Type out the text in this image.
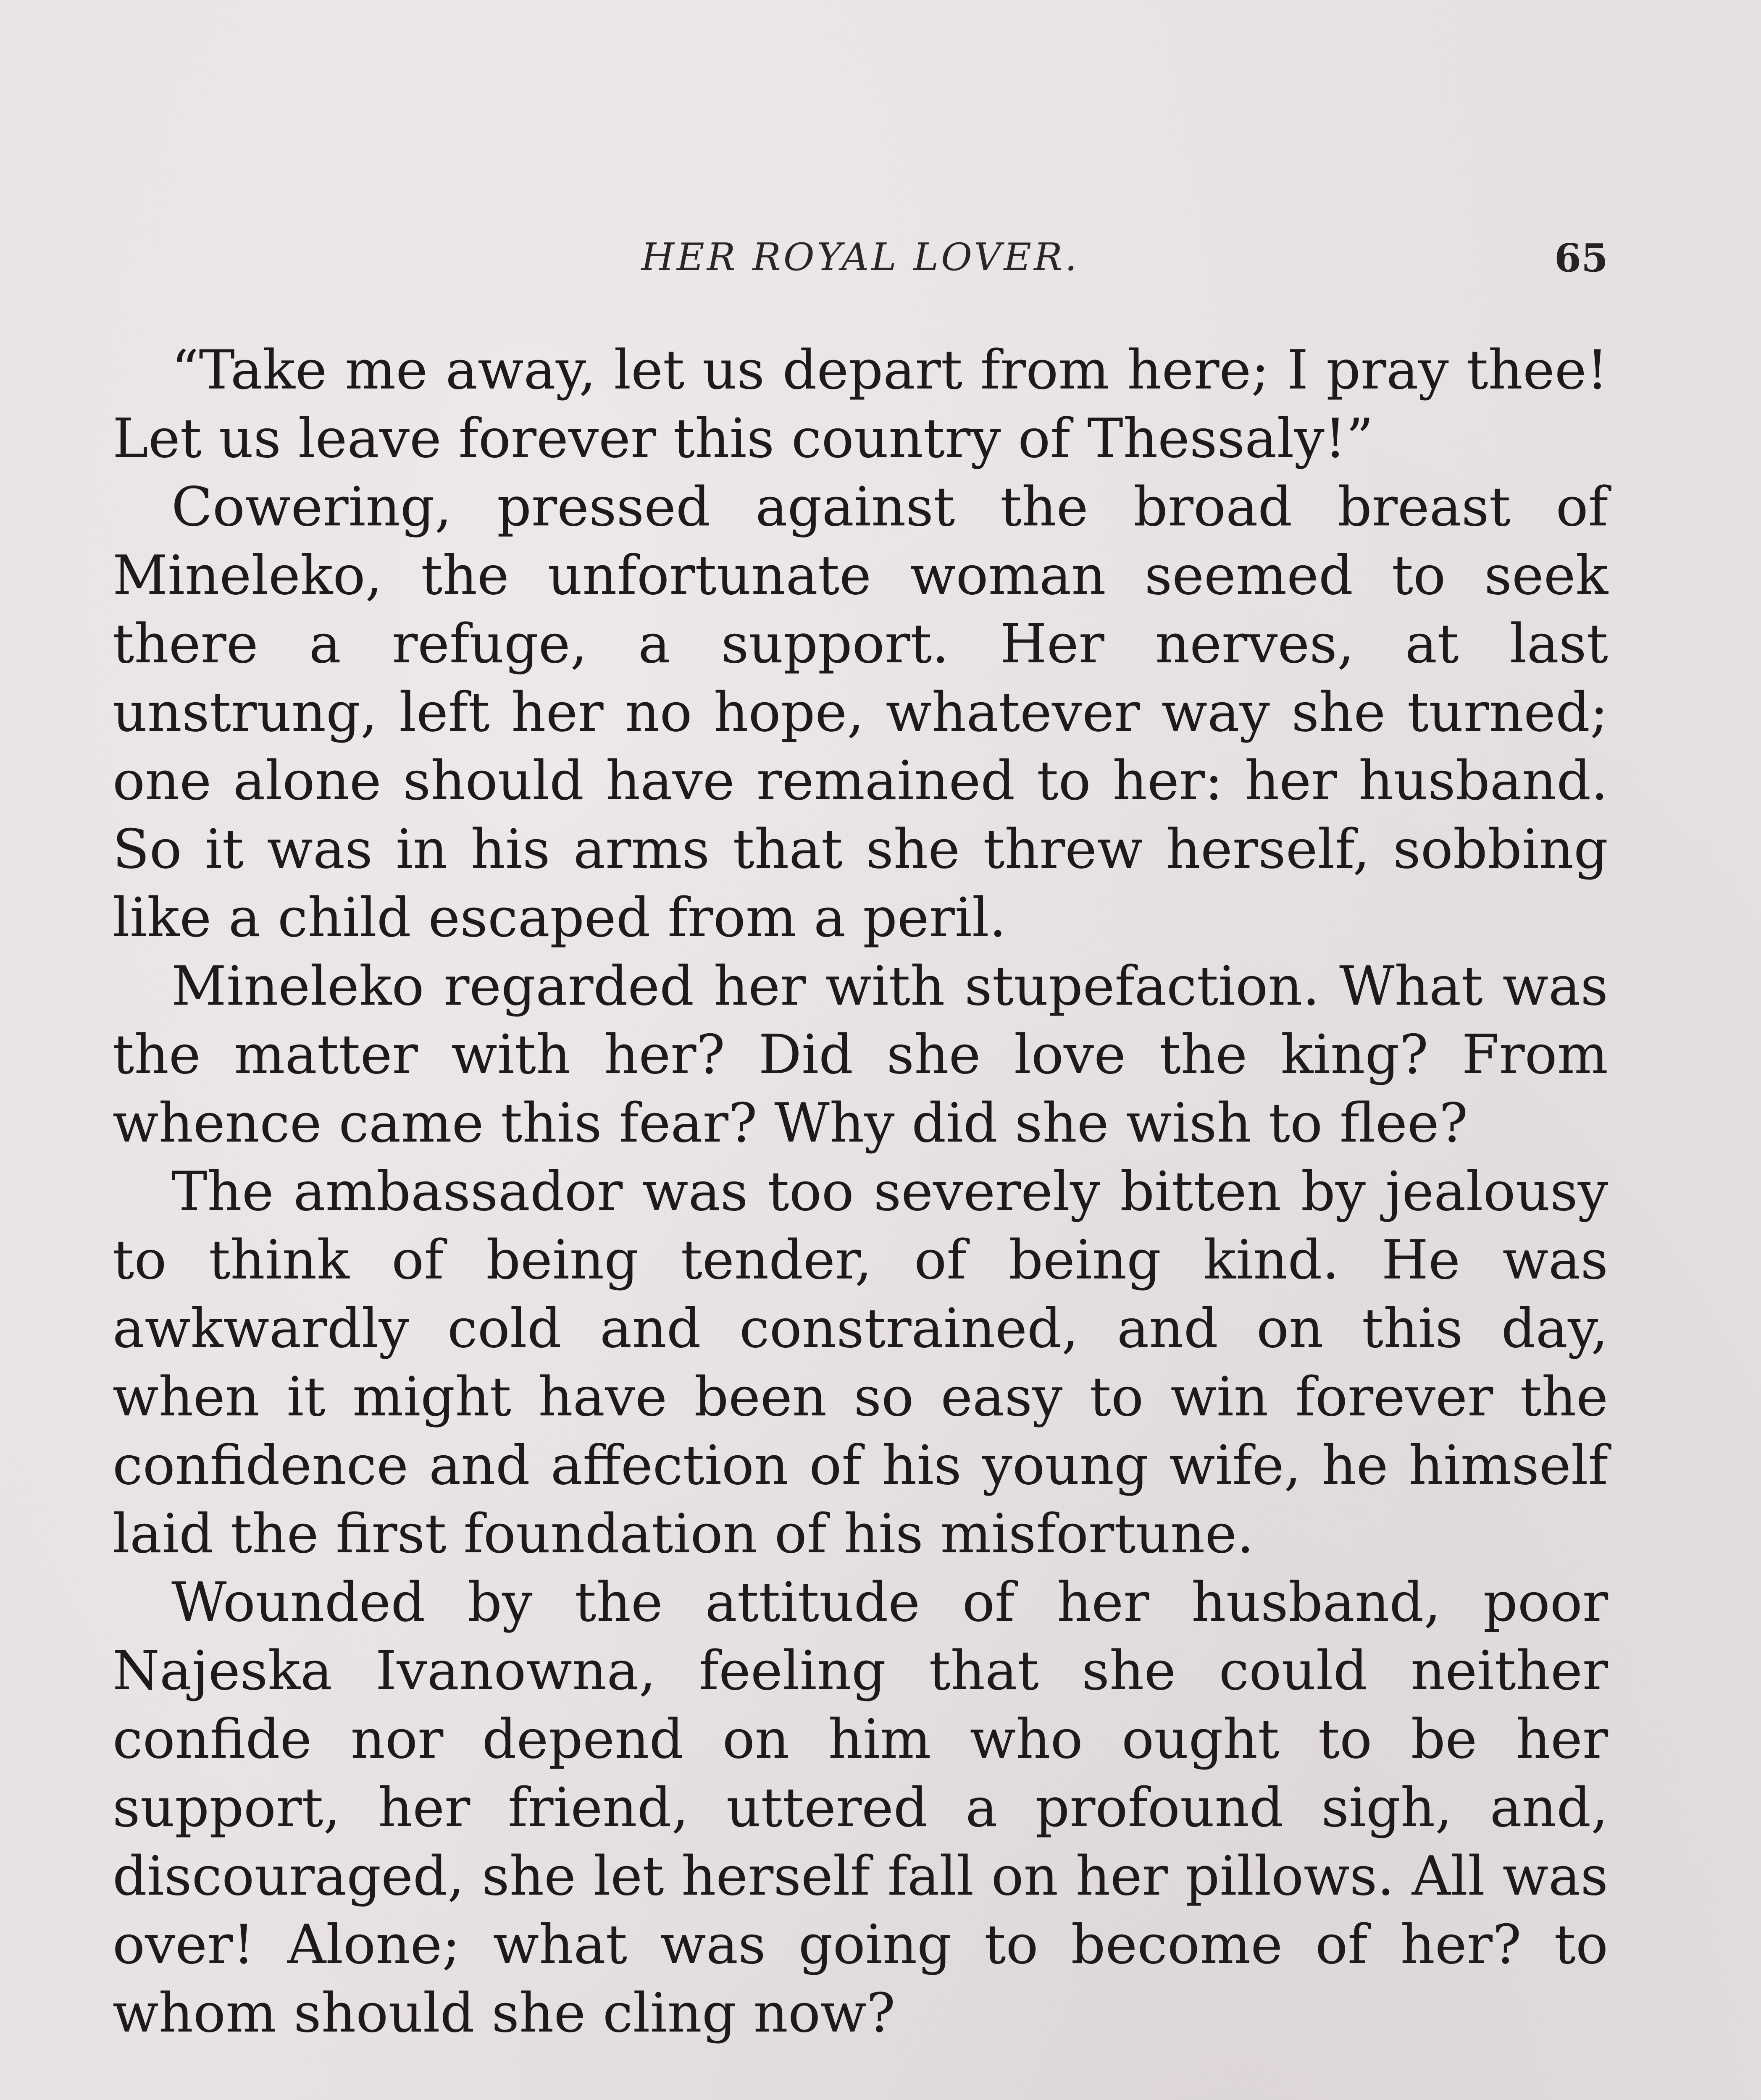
HER ROYAL LOVER.	65

“Take me away, let us depart from here; I pray thee! Let us leave forever this country of Thessaly!”

Cowering, pressed against the broad breast of Mineleko, the unfortunate woman seemed to seek there a refuge, a support. Her nerves, at last unstrung, left her no hope, whatever way she turned; one alone should have remained to her: her husband. So it was in his arms that she threw herself, sobbing like a child escaped from a peril.

Mineleko regarded her with stupefaction. What was the matter with her? Did she love the king? From whence came this fear? Why did she wish to flee?

The ambassador was too severely bitten by jealousy to think of being tender, of being kind. He was awkwardly cold and constrained, and on this day, when it might have been so easy to win forever the confidence and affection of his young wife, he himself laid the first foundation of his misfortune.

Wounded by the attitude of her husband, poor Najeska Ivanowna, feeling that she could neither confide nor depend on him who ought to be her support, her friend, uttered a profound sigh, and, discouraged, she let herself fall on her pillows. All was over! Alone; what was going to become of her? to whom should she cling now?
